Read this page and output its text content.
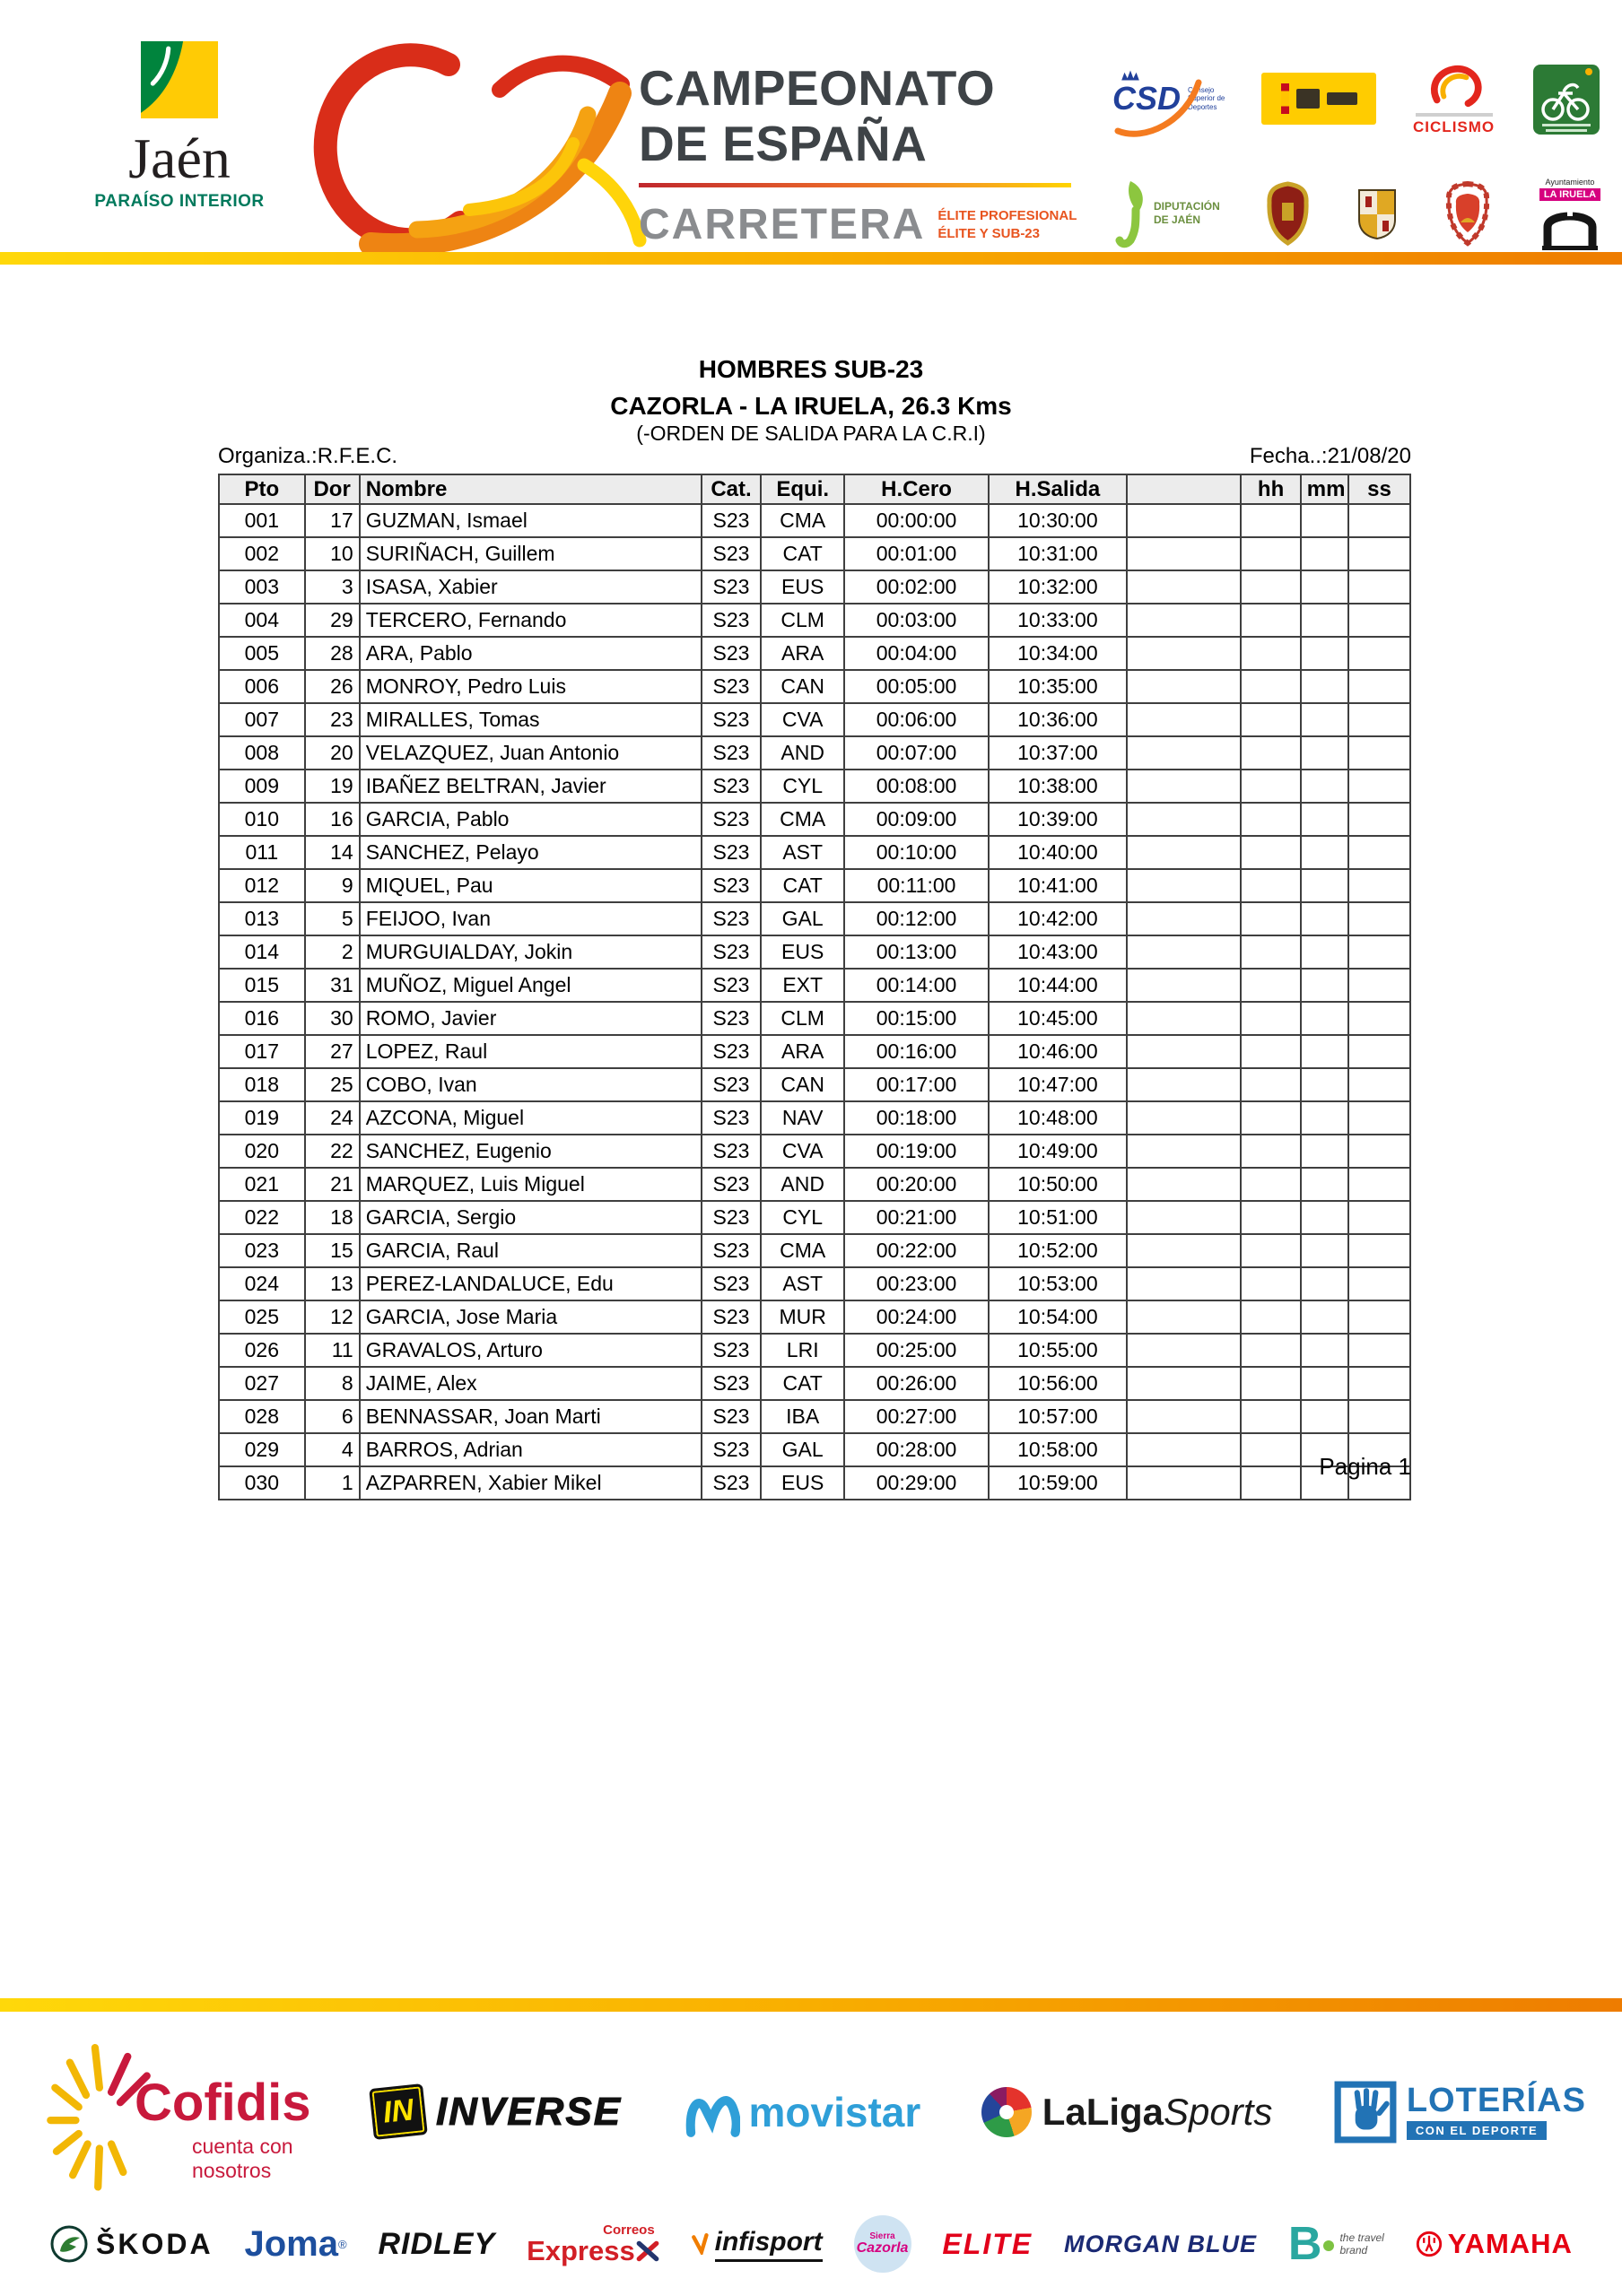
Jaén
PARAÍSO INTERIOR
CAMPEONATO
DE ESPAÑA
CARRETERA ÉLITE PROFESIONAL
ÉLITE Y SUB-23
CSD Consejo
Superior de
Deportes
CICLISMO
DIPUTACIÓN
DE JAÉN
Ayuntamiento
LA IRUELA
HOMBRES SUB-23
CAZORLA - LA IRUELA, 26.3 Kms
(-ORDEN DE SALIDA PARA LA C.R.I)
Organiza.:R.F.E.C.	Fecha..:21/08/20
Pto	Dor	Nombre	Cat.	Equi.	H.Cero	H.Salida		hh	mm	ss
001	17	GUZMAN, Ismael	S23	CMA	00:00:00	10:30:00				
002	10	SURIÑACH, Guillem	S23	CAT	00:01:00	10:31:00				
003	3	ISASA, Xabier	S23	EUS	00:02:00	10:32:00				
004	29	TERCERO, Fernando	S23	CLM	00:03:00	10:33:00				
005	28	ARA, Pablo	S23	ARA	00:04:00	10:34:00				
006	26	MONROY, Pedro Luis	S23	CAN	00:05:00	10:35:00				
007	23	MIRALLES, Tomas	S23	CVA	00:06:00	10:36:00				
008	20	VELAZQUEZ, Juan Antonio	S23	AND	00:07:00	10:37:00				
009	19	IBAÑEZ BELTRAN, Javier	S23	CYL	00:08:00	10:38:00				
010	16	GARCIA, Pablo	S23	CMA	00:09:00	10:39:00				
011	14	SANCHEZ, Pelayo	S23	AST	00:10:00	10:40:00				
012	9	MIQUEL, Pau	S23	CAT	00:11:00	10:41:00				
013	5	FEIJOO, Ivan	S23	GAL	00:12:00	10:42:00				
014	2	MURGUIALDAY, Jokin	S23	EUS	00:13:00	10:43:00				
015	31	MUÑOZ, Miguel Angel	S23	EXT	00:14:00	10:44:00				
016	30	ROMO, Javier	S23	CLM	00:15:00	10:45:00				
017	27	LOPEZ, Raul	S23	ARA	00:16:00	10:46:00				
018	25	COBO, Ivan	S23	CAN	00:17:00	10:47:00				
019	24	AZCONA, Miguel	S23	NAV	00:18:00	10:48:00				
020	22	SANCHEZ, Eugenio	S23	CVA	00:19:00	10:49:00				
021	21	MARQUEZ, Luis Miguel	S23	AND	00:20:00	10:50:00				
022	18	GARCIA, Sergio	S23	CYL	00:21:00	10:51:00				
023	15	GARCIA, Raul	S23	CMA	00:22:00	10:52:00				
024	13	PEREZ-LANDALUCE, Edu	S23	AST	00:23:00	10:53:00				
025	12	GARCIA, Jose Maria	S23	MUR	00:24:00	10:54:00				
026	11	GRAVALOS, Arturo	S23	LRI	00:25:00	10:55:00				
027	8	JAIME, Alex	S23	CAT	00:26:00	10:56:00				
028	6	BENNASSAR, Joan Marti	S23	IBA	00:27:00	10:57:00				
029	4	BARROS, Adrian	S23	GAL	00:28:00	10:58:00				
030	1	AZPARREN, Xabier Mikel	S23	EUS	00:29:00	10:59:00				
Pagina 1
Cofidis
cuenta con
nosotros
IN INVERSE	movistar	LaLiga Sports	LOTERÍAS
CON EL DEPORTE
ŠKODA Joma ® RIDLEY	Correos
Express	infisport	Sierra
Cazorla ELITE MORGAN BLUE B the travel
brand	YAMAHA
